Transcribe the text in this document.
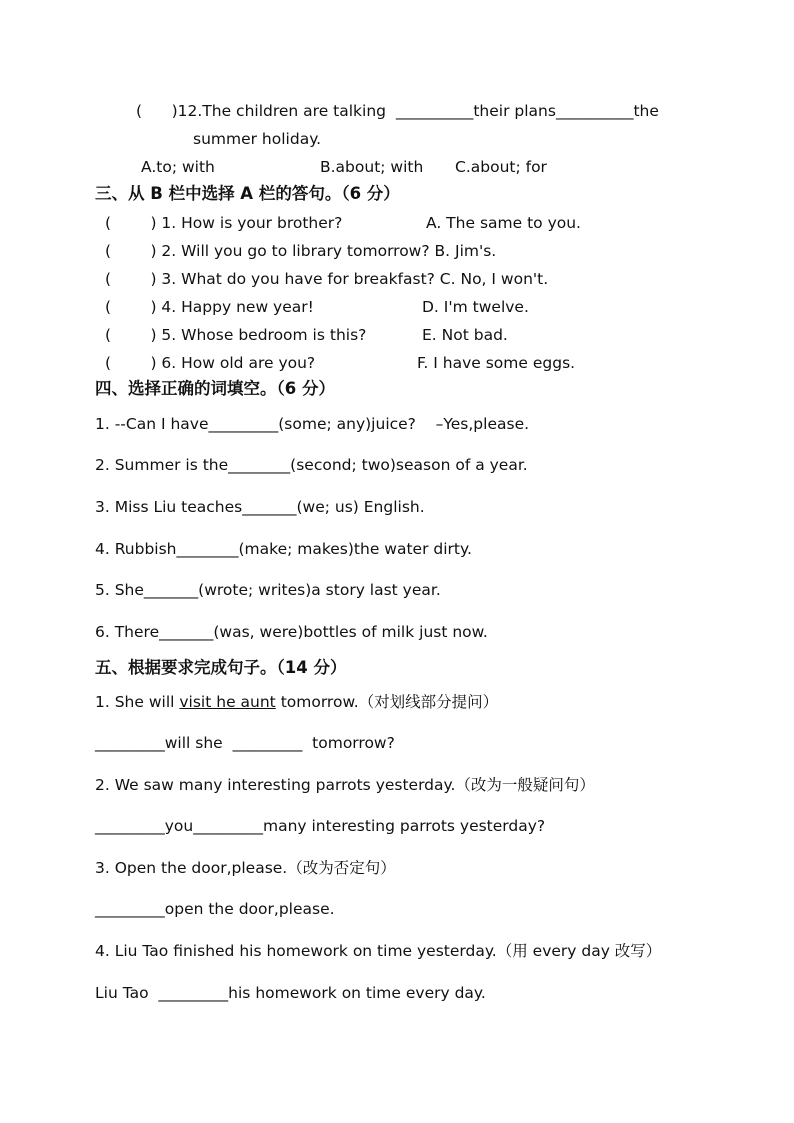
(      )12.The children are talking  __________their plans__________the
summer holiday.
A.to; with	B.about; with C.about; for
三、从 B 栏中选择 A 栏的答句。（6 分）
(        ) 1. How is your brother?	A. The same to you.
(        ) 2. Will you go to library tomorrow? B. Jim's.
(        ) 3. What do you have for breakfast? C. No, I won't.
(        ) 4. Happy new year!	D. I'm twelve.
(        ) 5. Whose bedroom is this?	E. Not bad.
(        ) 6. How old are you?	F. I have some eggs.
四、选择正确的词填空。（6 分）
1. --Can I have_________(some; any)juice?    –Yes,please.
2. Summer is the________(second; two)season of a year.
3. Miss Liu teaches_______(we; us) English.
4. Rubbish________(make; makes)the water dirty.
5. She_______(wrote; writes)a story last year.
6. There_______(was, were)bottles of milk just now.
五、根据要求完成句子。（14 分）
1. She will visit he aunt tomorrow.（对划线部分提问）
_________will she  _________  tomorrow?
2. We saw many interesting parrots yesterday.（改为一般疑问句）
_________you_________many interesting parrots yesterday?
3. Open the door,please.（改为否定句）
_________open the door,please.
4. Liu Tao finished his homework on time yesterday.（用 every day 改写）
Liu Tao  _________his homework on time every day.
